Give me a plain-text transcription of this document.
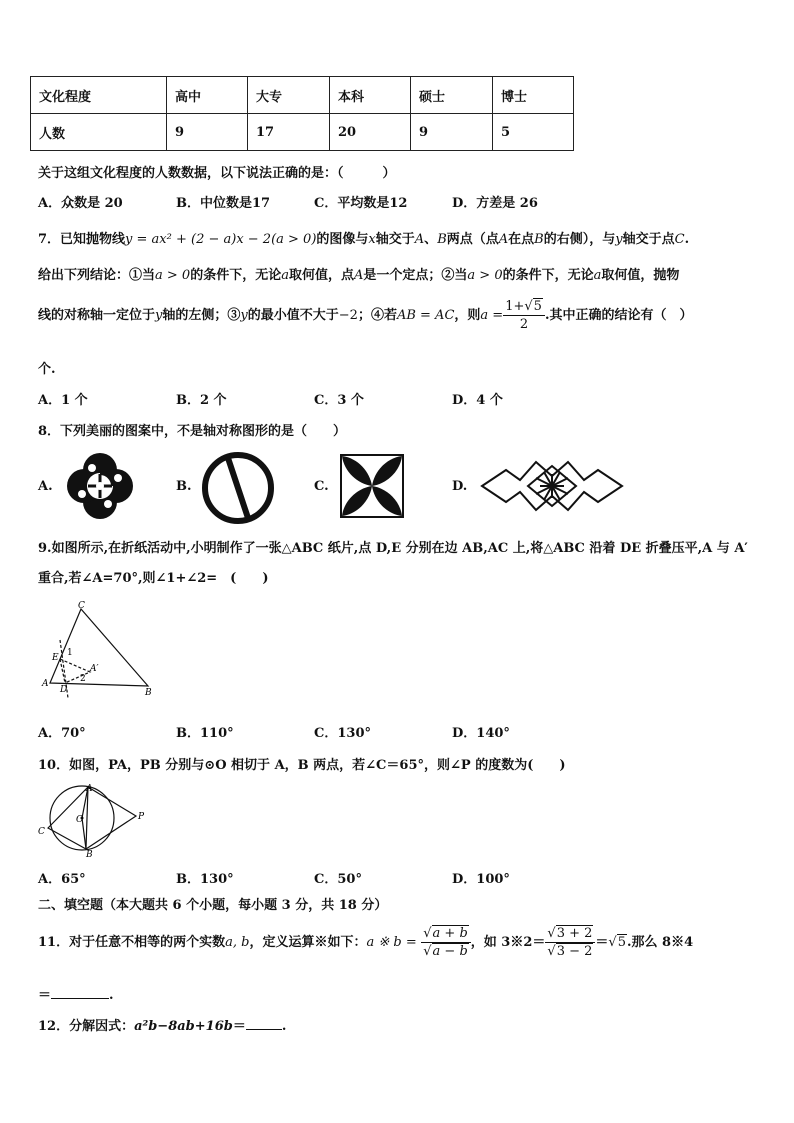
文化程度	高中	大专	本科	硕士	博士
人数	9	17	20	9	5
关于这组文化程度的人数数据，以下说法正确的是：（　　　）
A．众数是 20	B．中位数是17	C．平均数是12	D．方差是 26
7．已知抛物线y = ax² + (2 − a)x − 2(a > 0)的图像与x轴交于A、B两点（点A在点B的右侧），与y轴交于点C.
给出下列结论：①当a > 0的条件下，无论a取何值，点A是一个定点；②当a > 0的条件下，无论a取何值，抛物
线的对称轴一定位于y轴的左侧；③y的最小值不大于−2；④若AB = AC，则$a = \frac{1+√5}{2}$ .其中正确的结论有（　）
个.
A．1 个	B．2 个	C．3 个	D．4 个
8．下列美丽的图案中，不是轴对称图形的是（　　）
A.	B.	C.	D.
9.如图所示,在折纸活动中,小明制作了一张△ABC 纸片,点 D,E 分别在边 AB,AC 上,将△ABC 沿着 DE 折叠压平,A 与 A′
重合,若∠A=70°,则∠1+∠2=　(　　)
C
E 1
A′
2
A
D	B
A．70°	B．110°	C．130°	D．140°
10．如图，PA，PB 分别与⊙O 相切于 A，B 两点，若∠C＝65°，则∠P 的度数为(　　)
A
O	P
C
B
A．65°	B．130°	C．50°	D．100°
二、填空题（本大题共 6 个小题，每小题 3 分，共 18 分）
11．对于任意不相等的两个实数a, b，定义运算※如下：a ※ $b = \frac{√a + b}{√a - b}$ ，如 3※2＝ $\frac{√3 + 2}{√3 - 2} =√5$.那么 8※4
＝	.
12．分解因式：a²b−8ab+16b＝	.
